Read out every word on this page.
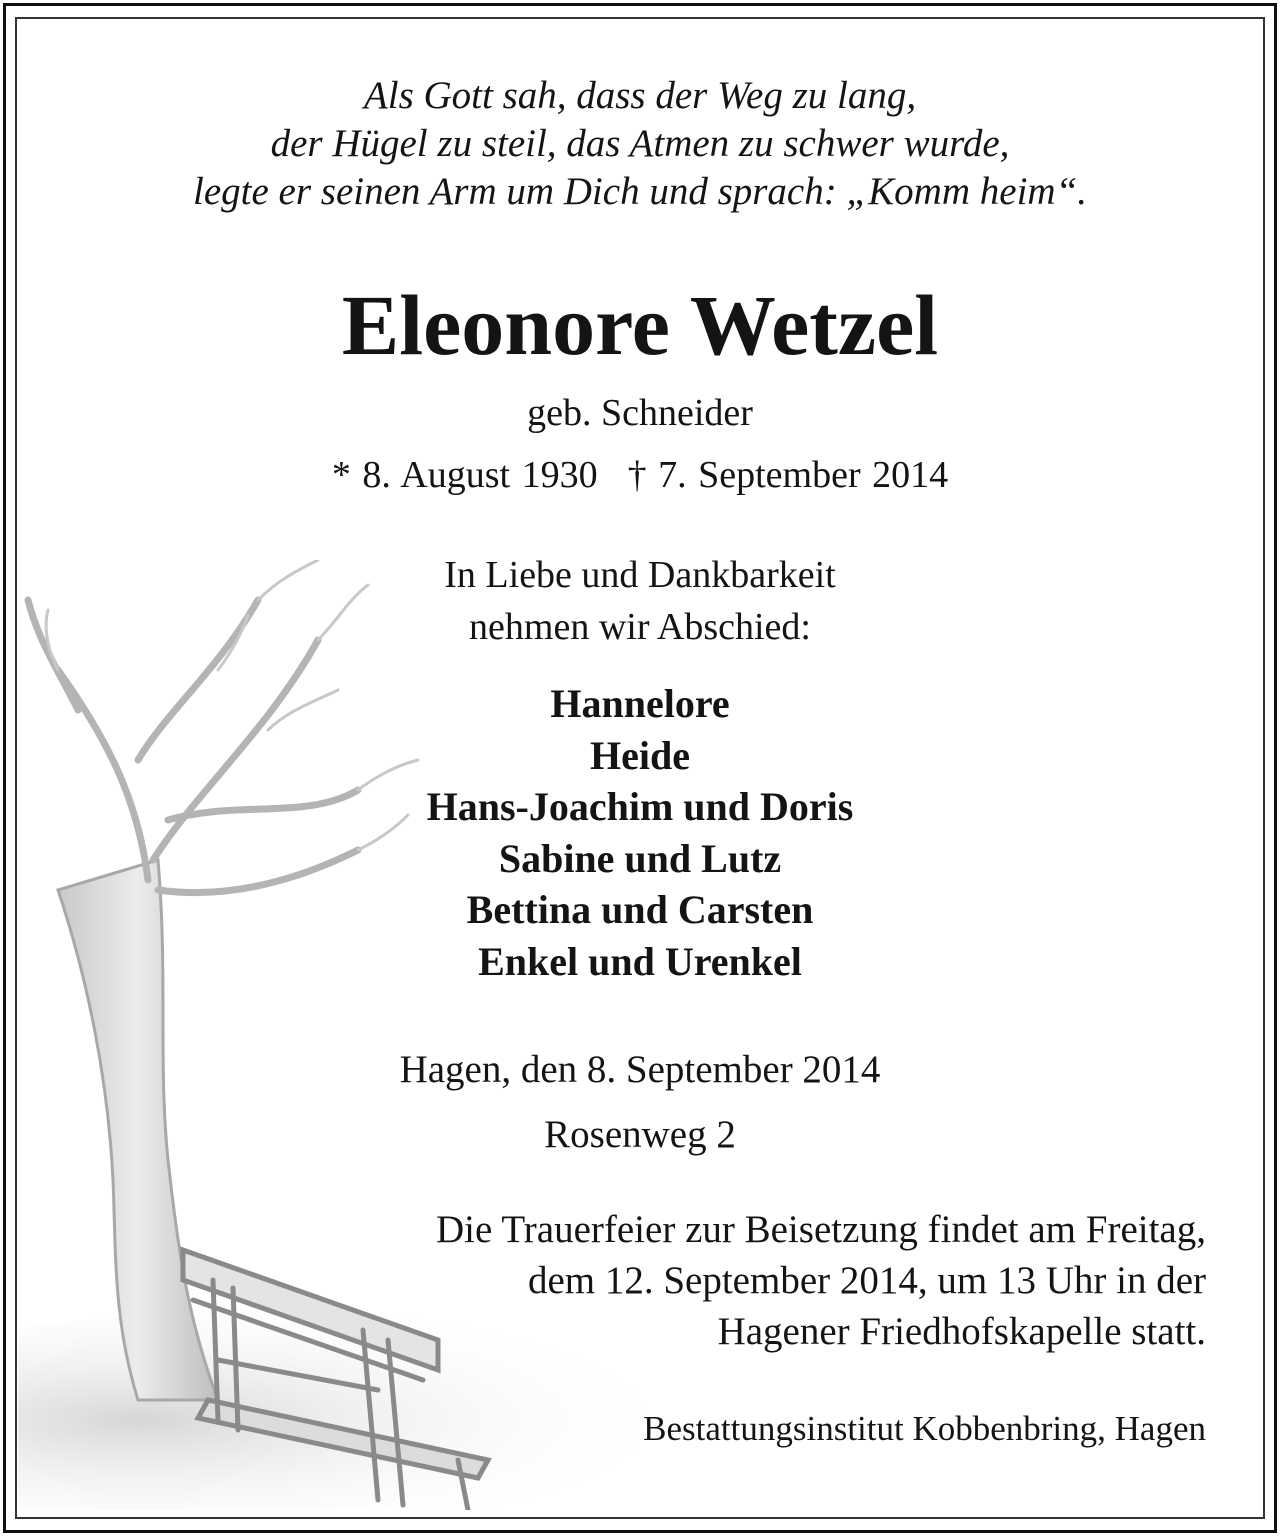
Als Gott sah, dass der Weg zu lang,
der Hügel zu steil, das Atmen zu schwer wurde,
legte er seinen Arm um Dich und sprach: „Komm heim“.
Eleonore Wetzel
geb. Schneider
* 8. August 1930 † 7. September 2014
In Liebe und Dankbarkeit
nehmen wir Abschied:
Hannelore
Heide
Hans-Joachim und Doris
Sabine und Lutz
Bettina und Carsten
Enkel und Urenkel
Hagen, den 8. September 2014
Rosenweg 2
Die Trauerfeier zur Beisetzung findet am Freitag,
dem 12. September 2014, um 13 Uhr in der
Hagener Friedhofskapelle statt.
Bestattungsinstitut Kobbenbring, Hagen
